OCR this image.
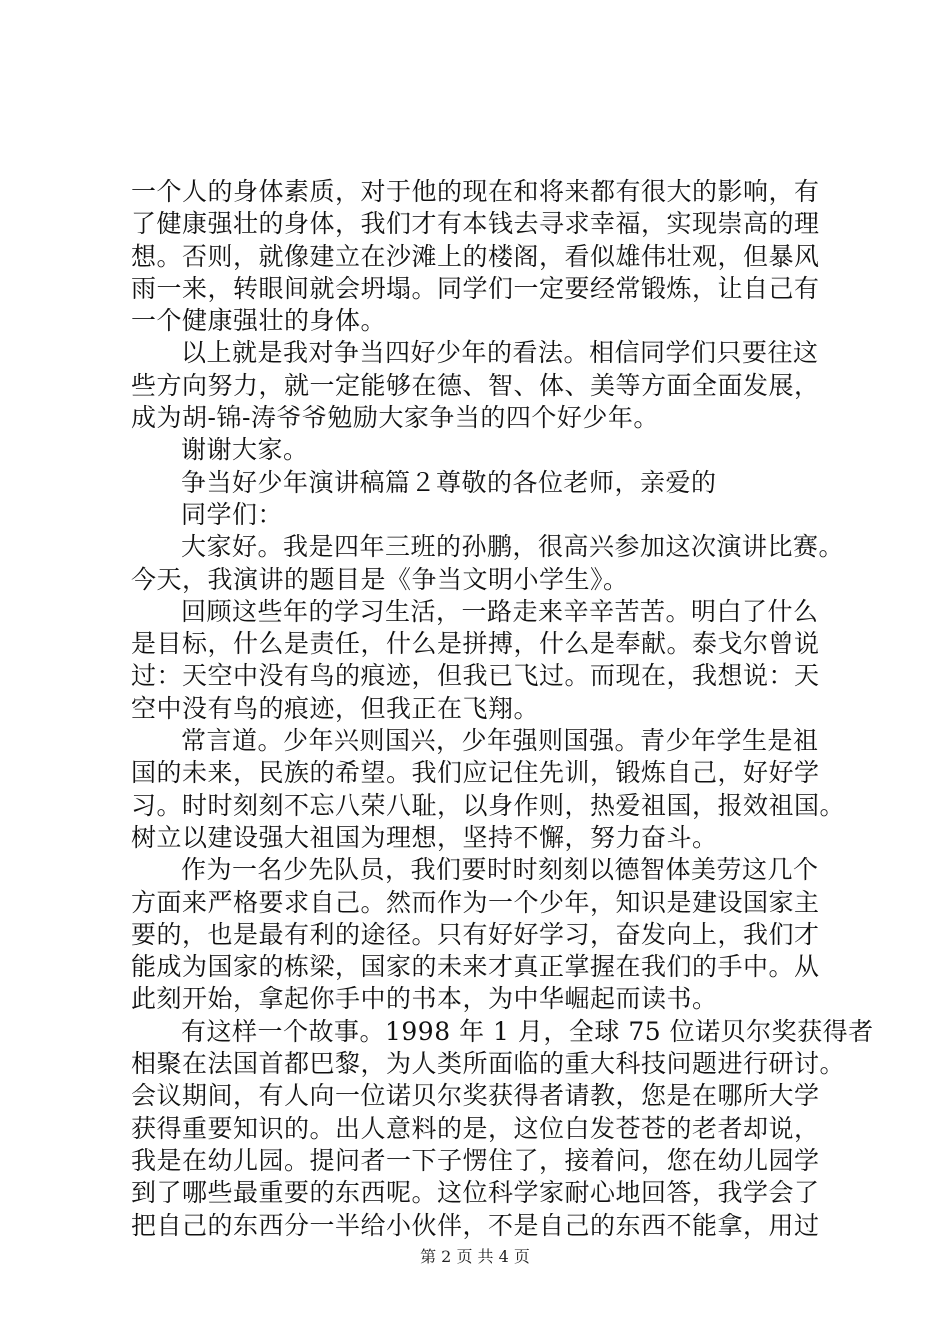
一个人的身体素质，对于他的现在和将来都有很大的影响，有
了健康强壮的身体，我们才有本钱去寻求幸福，实现崇高的理
想。否则，就像建立在沙滩上的楼阁，看似雄伟壮观，但暴风
雨一来，转眼间就会坍塌。同学们一定要经常锻炼，让自己有
一个健康强壮的身体。
以上就是我对争当四好少年的看法。相信同学们只要往这
些方向努力，就一定能够在德、智、体、美等方面全面发展，
成为胡-锦-涛爷爷勉励大家争当的四个好少年。
谢谢大家。
争当好少年演讲稿篇２尊敬的各位老师，亲爱的
同学们：
大家好。我是四年三班的孙鹏，很高兴参加这次演讲比赛。
今天，我演讲的题目是《争当文明小学生》。
回顾这些年的学习生活，一路走来辛辛苦苦。明白了什么
是目标，什么是责任，什么是拼搏，什么是奉献。泰戈尔曾说
过：天空中没有鸟的痕迹，但我已飞过。而现在，我想说：天
空中没有鸟的痕迹，但我正在飞翔。
常言道。少年兴则国兴，少年强则国强。青少年学生是祖
国的未来，民族的希望。我们应记住先训，锻炼自己，好好学
习。时时刻刻不忘八荣八耻，以身作则，热爱祖国，报效祖国。
树立以建设强大祖国为理想，坚持不懈，努力奋斗。
作为一名少先队员，我们要时时刻刻以德智体美劳这几个
方面来严格要求自己。然而作为一个少年，知识是建设国家主
要的，也是最有利的途径。只有好好学习，奋发向上，我们才
能成为国家的栋梁，国家的未来才真正掌握在我们的手中。从
此刻开始，拿起你手中的书本，为中华崛起而读书。
有这样一个故事。1998 年 1 月，全球 75 位诺贝尔奖获得者
相聚在法国首都巴黎，为人类所面临的重大科技问题进行研讨。
会议期间，有人向一位诺贝尔奖获得者请教，您是在哪所大学
获得重要知识的。出人意料的是，这位白发苍苍的老者却说，
我是在幼儿园。提问者一下子愣住了，接着问，您在幼儿园学
到了哪些最重要的东西呢。这位科学家耐心地回答，我学会了
把自己的东西分一半给小伙伴，不是自己的东西不能拿，用过
第 2 页 共 4 页
